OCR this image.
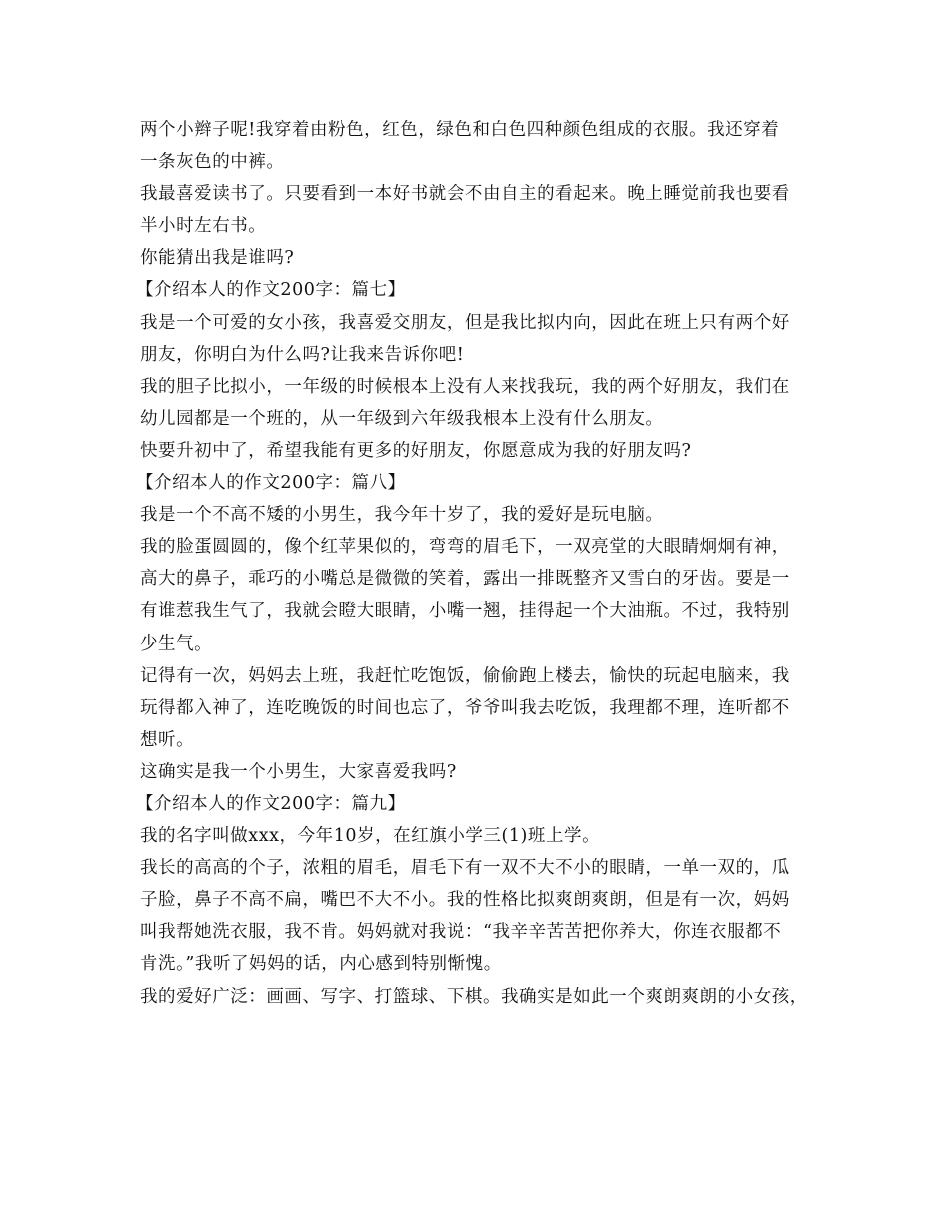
两个小辫子呢!我穿着由粉色，红色，绿色和白色四种颜色组成的衣服。我还穿着
一条灰色的中裤。
我最喜爱读书了。只要看到一本好书就会不由自主的看起来。晚上睡觉前我也要看
半小时左右书。
你能猜出我是谁吗?
【介绍本人的作文200字：篇七】
我是一个可爱的女小孩，我喜爱交朋友，但是我比拟内向，因此在班上只有两个好
朋友，你明白为什么吗?让我来告诉你吧!
我的胆子比拟小，一年级的时候根本上没有人来找我玩，我的两个好朋友，我们在
幼儿园都是一个班的，从一年级到六年级我根本上没有什么朋友。
快要升初中了，希望我能有更多的好朋友，你愿意成为我的好朋友吗?
【介绍本人的作文200字：篇八】
我是一个不高不矮的小男生，我今年十岁了，我的爱好是玩电脑。
我的脸蛋圆圆的，像个红苹果似的，弯弯的眉毛下，一双亮堂的大眼睛炯炯有神，
高大的鼻子，乖巧的小嘴总是微微的笑着，露出一排既整齐又雪白的牙齿。要是一
有谁惹我生气了，我就会瞪大眼睛，小嘴一翘，挂得起一个大油瓶。不过，我特别
少生气。
记得有一次，妈妈去上班，我赶忙吃饱饭，偷偷跑上楼去，愉快的玩起电脑来，我
玩得都入神了，连吃晚饭的时间也忘了，爷爷叫我去吃饭，我理都不理，连听都不
想听。
这确实是我一个小男生，大家喜爱我吗?
【介绍本人的作文200字：篇九】
我的名字叫做xxx，今年10岁，在红旗小学三(1)班上学。
我长的高高的个子，浓粗的眉毛，眉毛下有一双不大不小的眼睛，一单一双的，瓜
子脸，鼻子不高不扁，嘴巴不大不小。我的性格比拟爽朗爽朗，但是有一次，妈妈
叫我帮她洗衣服，我不肯。妈妈就对我说：“我辛辛苦苦把你养大，你连衣服都不
肯洗。”我听了妈妈的话，内心感到特别惭愧。
我的爱好广泛：画画、写字、打篮球、下棋。我确实是如此一个爽朗爽朗的小女孩，
